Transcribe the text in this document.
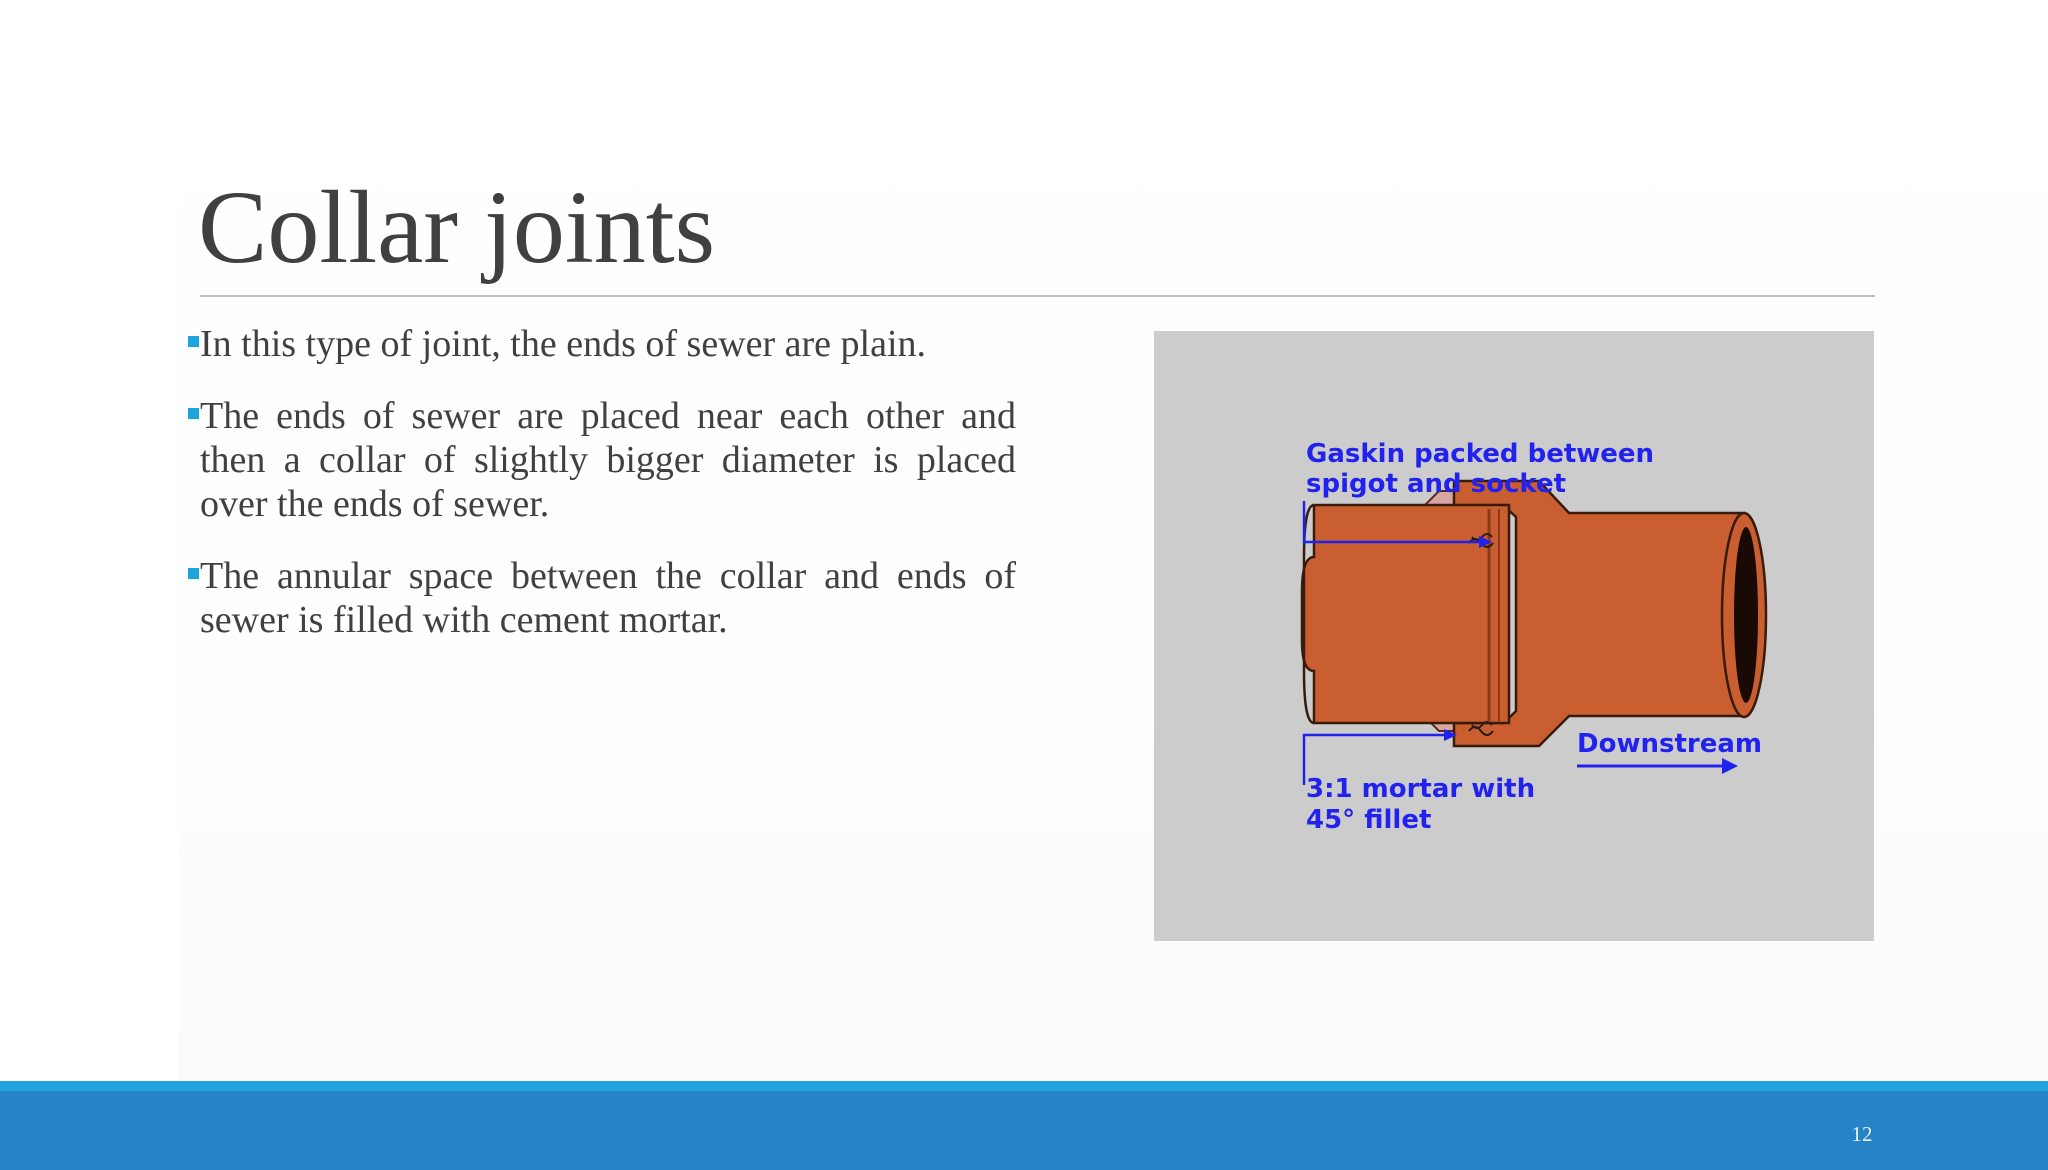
Collar joints
In this type of joint, the ends of sewer are plain.
The ends of sewer are placed near each other and then a collar of slightly bigger diameter is placed over the ends of sewer.
The annular space between the collar and ends of sewer is filled with cement mortar.
Gaskin packed between
spigot and socket
Downstream
3:1 mortar with
45° fillet
12
